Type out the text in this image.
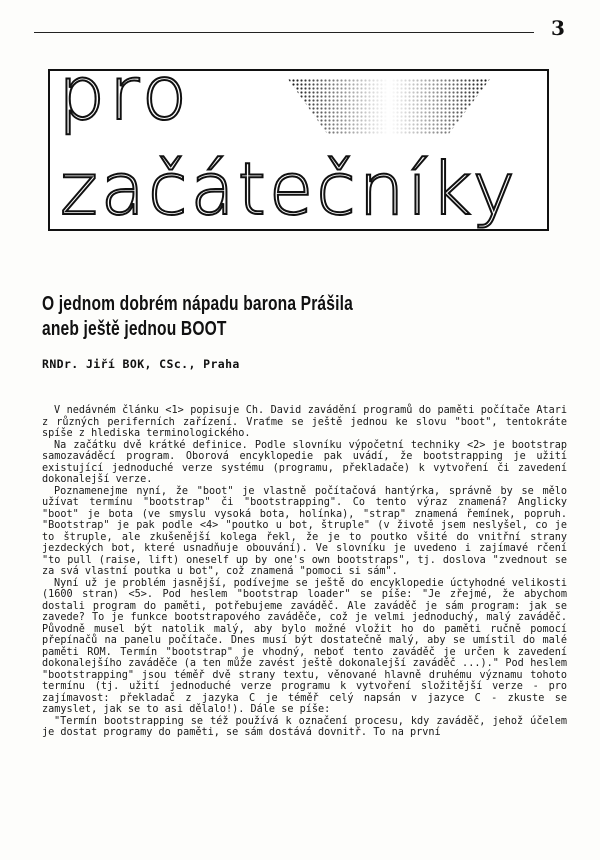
3
pro
začátečníky
O jednom dobrém nápadu barona Prášila
aneb ještě jednou BOOT
RNDr. Jiří BOK, CSc., Praha

V nedávném článku <1> popisuje Ch. David zavádění programů do paměti počítače Atari z různých periferních zařízení. Vraťme se ještě jednou ke slovu "boot", tentokráte spíše z hlediska terminologického.

Na začátku dvě krátké definice. Podle slovníku výpočetní techniky <2> je bootstrap samozaváděcí program. Oborová encyklopedie pak uvádí, že bootstrapping je užití existující jednoduché verze systému (programu, překladače) k vytvoření či zavedení dokonalejší verze.

Poznamenejme nyní, že "boot" je vlastně počítačová hantýrka, správně by se mělo užívat termínu "bootstrap" či "bootstrapping". Co tento výraz znamená? Anglicky "boot" je bota (ve smyslu vysoká bota, holínka), "strap" znamená řemínek, popruh. "Bootstrap" je pak podle <4> "poutko u bot, štruple" (v životě jsem neslyšel, co je to štruple, ale zkušenější kolega řekl, že je to poutko všité do vnitřní strany jezdeckých bot, které usnadňuje obouvání). Ve slovníku je uvedeno i zajímavé rčení "to pull (raise, lift) oneself up by one's own bootstraps", tj. doslova "zvednout se za svá vlastní poutka u bot", což znamená "pomoci si sám".

Nyní už je problém jasnější, podívejme se ještě do encyklopedie úctyhodné velikosti (1600 stran) <5>. Pod heslem "bootstrap loader" se píše: "Je zřejmé, že abychom dostali program do paměti, potřebujeme zaváděč. Ale zaváděč je sám program: jak se zavede? To je funkce bootstrapového zaváděče, což je velmi jednoduchý, malý zaváděč. Původně musel být natolik malý, aby bylo možné vložit ho do paměti ručně pomocí přepínačů na panelu počítače. Dnes musí být dostatečně malý, aby se umístil do malé paměti ROM. Termín "bootstrap" je vhodný, neboť tento zaváděč je určen k zavedení dokonalejšího zaváděče (a ten může zavést ještě dokonalejší zaváděč ...)." Pod heslem "bootstrapping" jsou téměř dvě strany textu, věnované hlavně druhému významu tohoto termínu (tj. užití jednoduché verze programu k vytvoření složitější verze - pro zajímavost: překladač z jazyka C je téměř celý napsán v jazyce C - zkuste se zamyslet, jak se to asi dělalo!). Dále se píše:

"Termín bootstrapping se též používá k označení procesu, kdy zaváděč, jehož účelem je dostat programy do paměti, se sám dostává dovnitř. To na první
